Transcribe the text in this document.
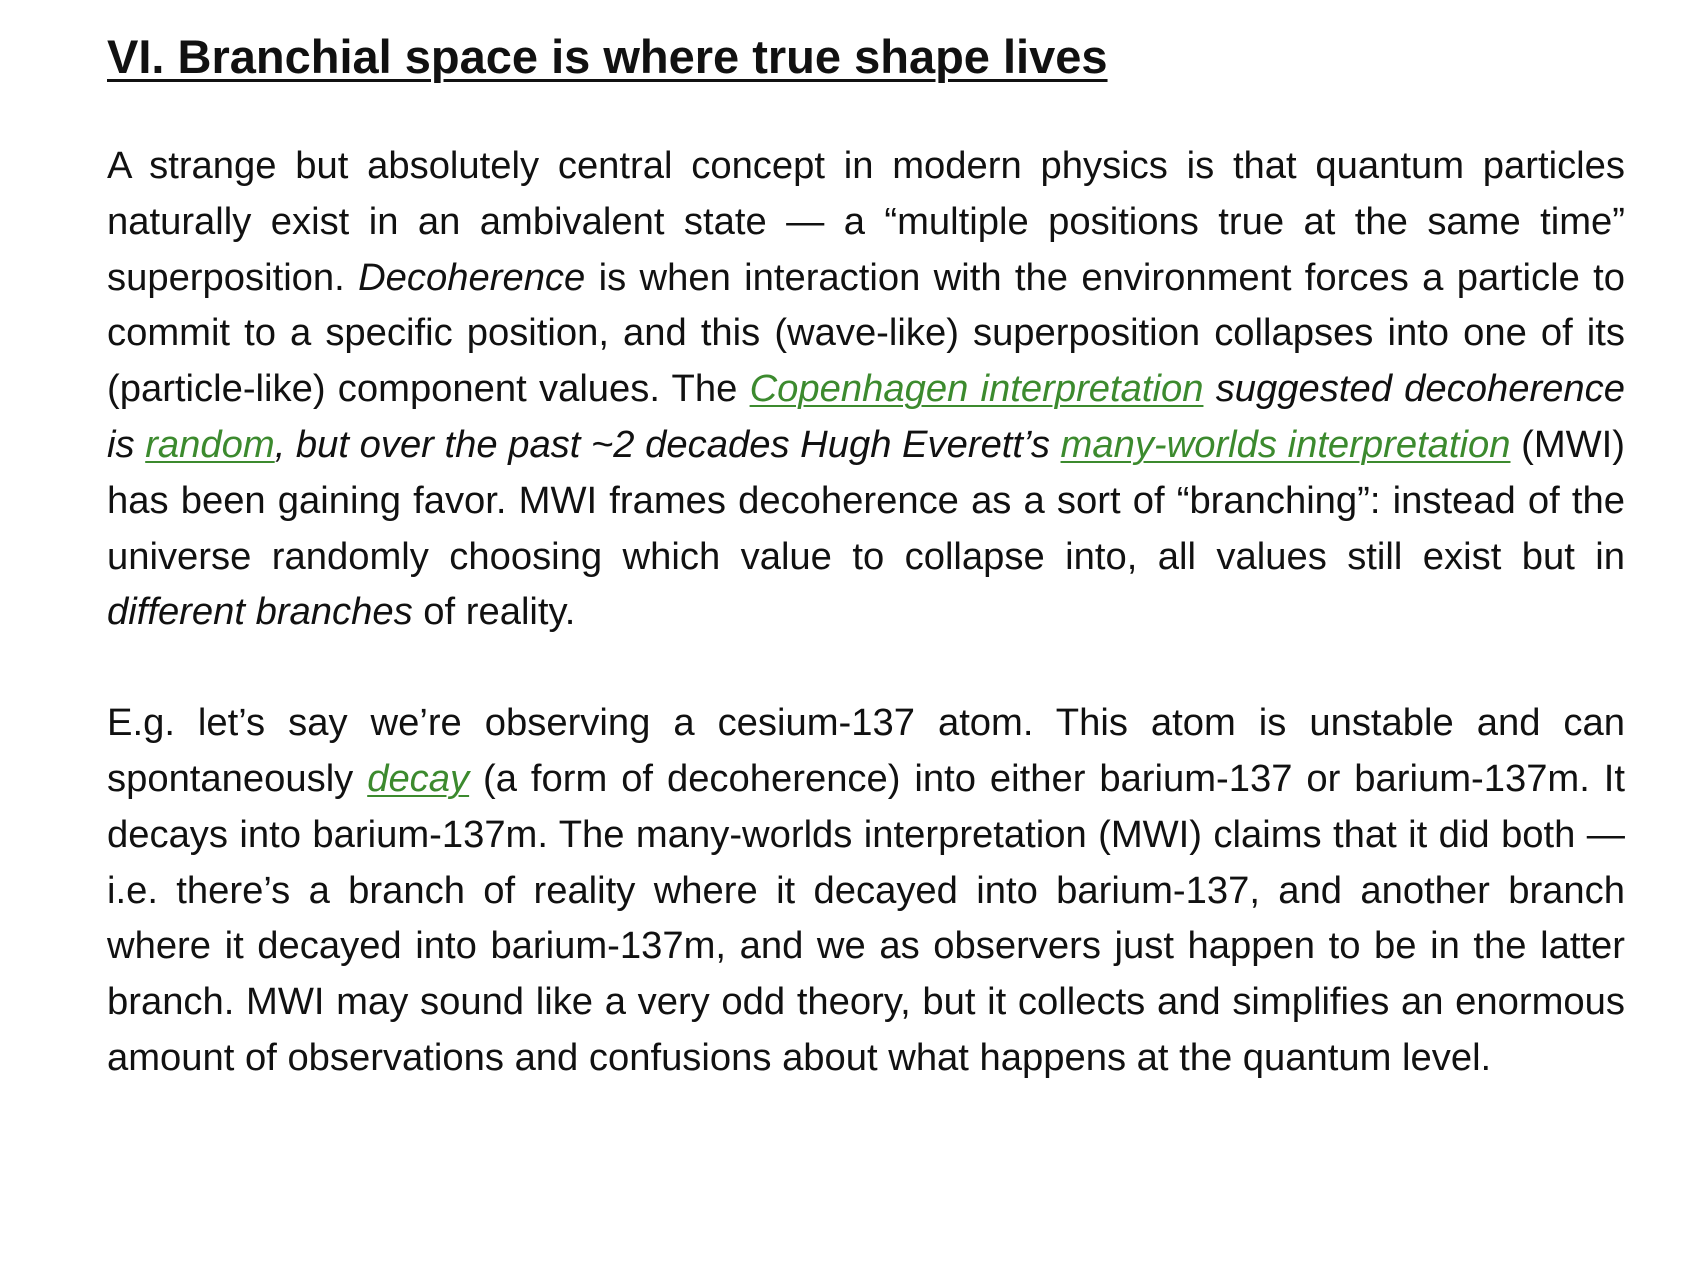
VI. Branchial space is where true shape lives

A strange but absolutely central concept in modern physics is that quantum particles naturally exist in an ambivalent state — a “multiple positions true at the same time” superposition. Decoherence is when interaction with the environment forces a particle to commit to a specific position, and this (wave-like) superposition collapses into one of its (particle-like) component values. The Copenhagen interpretation suggested decoherence is random, but over the past ~2 decades Hugh Everett’s many-worlds interpretation (MWI) has been gaining favor. MWI frames decoherence as a sort of “branching”: instead of the universe randomly choosing which value to collapse into, all values still exist but in different branches of reality.

E.g. let’s say we’re observing a cesium-137 atom. This atom is unstable and can spontaneously decay (a form of decoherence) into either barium-137 or barium-137m. It decays into barium-137m. The many-worlds interpretation (MWI) claims that it did both — i.e. there’s a branch of reality where it decayed into barium-137, and another branch where it decayed into barium-137m, and we as observers just happen to be in the latter branch. MWI may sound like a very odd theory, but it collects and simplifies an enormous amount of observations and confusions about what happens at the quantum level.
